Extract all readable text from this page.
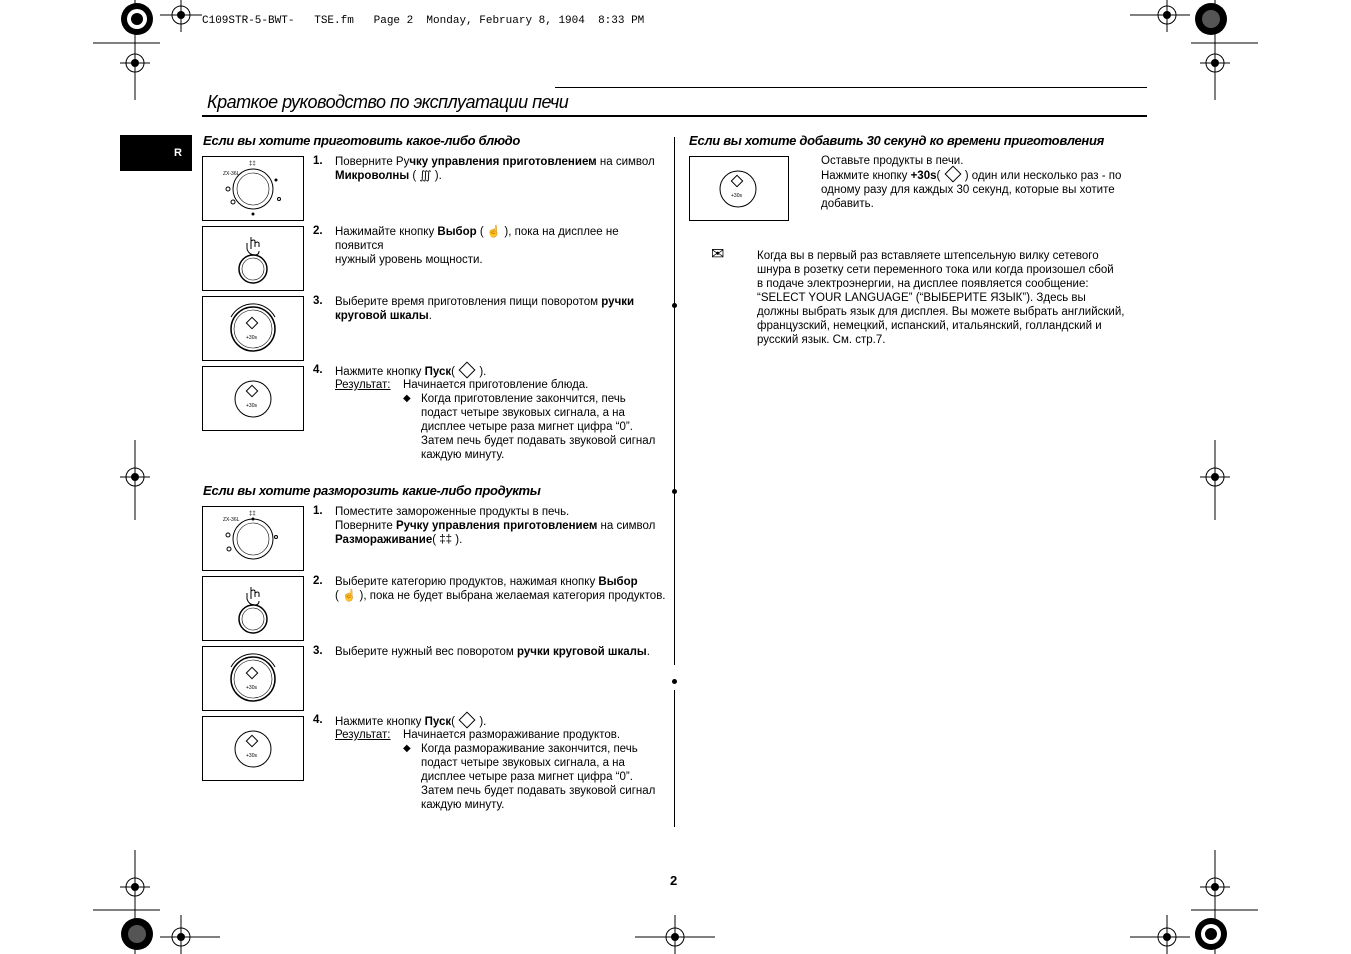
C109STR-5-BWT-   TSE.fm   Page 2  Monday, February 8, 1904  8:33 PM
Краткое руководство по эксплуатации печи
R
Если вы хотите приготовить какое-либо блюдо
ZX-36L
‡‡	1. Поверните Ручку управления приготовлением на символ
Микроволны ( ∭ ).
2. Нажимайте кнопку Выбор ( ☝ ), пока на дисплее не появится
нужный уровень мощности.
+30s
3. Выберите время приготовления пищи поворотом ручки
круговой шкалы.
+30s
4. Нажмите кнопку Пуск(  ).
Результат: Начинается приготовление блюда.
◆ Когда приготовление закончится, печь
подаст четыре звуковых сигнала, а на
дисплее четыре раза мигнет цифра “0”.
Затем печь будет подавать звуковой сигнал
каждую минуту.
Если вы хотите разморозить какие-либо продукты
ZX-36L
‡‡	1. Поместите замороженные продукты в печь.
Поверните Ручку управления приготовлением на символ
Размораживание( ‡‡ ).
2. Выберите категорию продуктов, нажимая кнопку Выбор
( ☝ ), пока не будет выбрана желаемая категория продуктов.
+30s
3. Выберите нужный вес поворотом ручки круговой шкалы.
+30s
4. Нажмите кнопку Пуск(  ).
Результат: Начинается размораживание продуктов.
◆ Когда размораживание закончится, печь
подаст четыре звуковых сигнала, а на
дисплее четыре раза мигнет цифра “0”.
Затем печь будет подавать звуковой сигнал
каждую минуту.
Если вы хотите добавить 30 секунд ко времени приготовления
+30s
Оставьте продукты в печи.
Нажмите кнопку +30s(  ) один или несколько раз - по
одному разу для каждых 30 секунд, которые вы хотите
добавить.
✉	Когда вы в первый раз вставляете штепсельную вилку сетевого
шнура в розетку сети переменного тока или когда произошел сбой
в подаче электроэнергии, на дисплее появляется сообщение:
“SELECT YOUR LANGUAGE” (“ВЫБЕРИТЕ ЯЗЫК”). Здесь вы
должны выбрать язык для дисплея. Вы можете выбрать английский,
французский, немецкий, испанский, итальянский, голландский и
русский язык. См. стр.7.
2
